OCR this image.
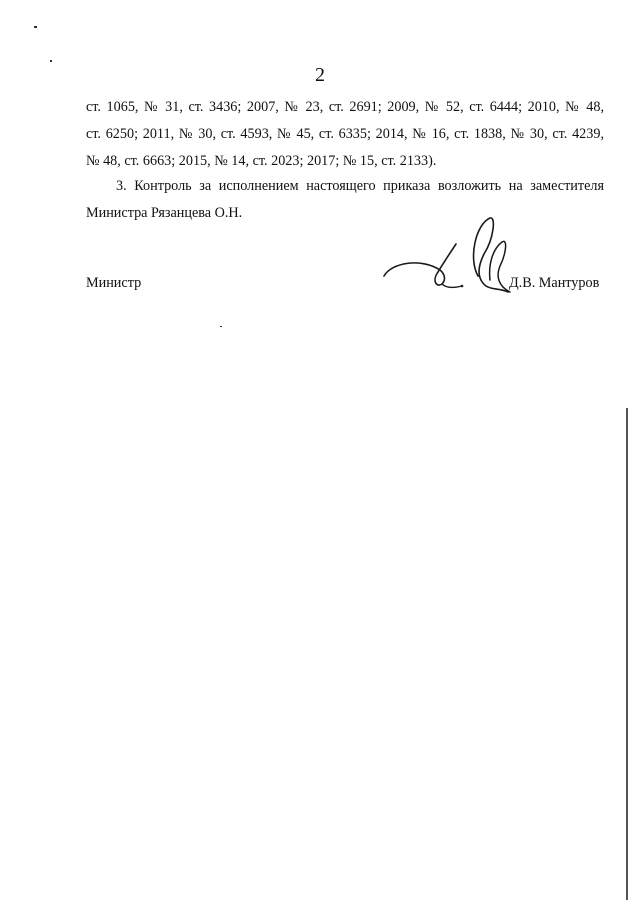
2
ст. 1065, № 31, ст. 3436; 2007, № 23, ст. 2691; 2009, № 52, ст. 6444; 2010, № 48,
ст. 6250; 2011, № 30, ст. 4593, № 45, ст. 6335; 2014, № 16, ст. 1838, № 30, ст. 4239,
№ 48, ст. 6663; 2015, № 14, ст. 2023; 2017; № 15, ст. 2133).
3. Контроль за исполнением настоящего приказа возложить на заместителя
Министра Рязанцева О.Н.
Министр	Д.В. Мантуров
